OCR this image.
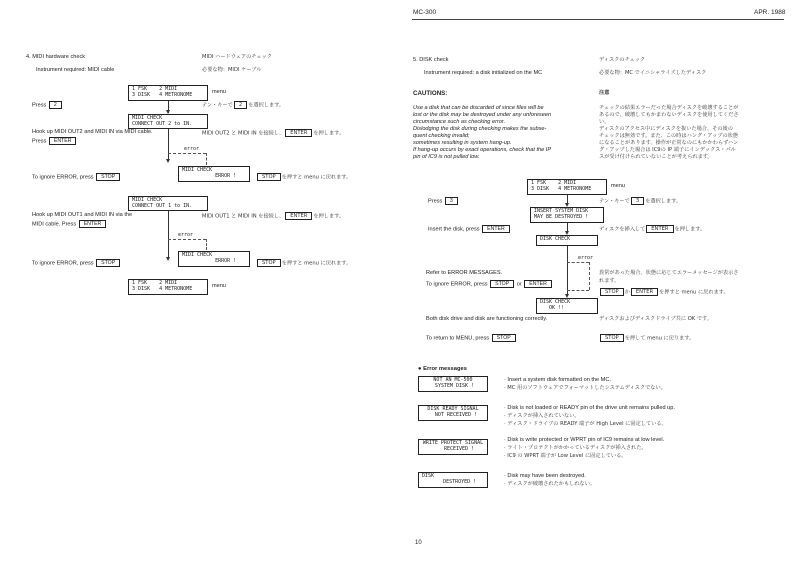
MC-300	APR. 1988
4. MIDI hardware check	MIDI ハードウェアのチェック
Instrument required: MIDI cable	必要な物：MIDI ケーブル
1 FSK    2 MIDI
3 DISK   4 METRONOME	menu
Press 2	テン・キーで 2 を選択します。
MIDI CHECK
CONNECT OUT 2 to IN.
Hook up MIDI OUT2 and MIDI IN via MIDI cable.
Press ENTER
MIDI OUT2 と MIDI IN を接続し、 ENTER を押します。
error
MIDI CHECK
ERROR !
To ignore ERROR, press STOP	STOP を押すと menu に戻れます。
MIDI CHECK
CONNECT OUT 1 to IN.
Hook up MIDI OUT1 and MIDI IN via the
MIDI cable. Press ENTER
MIDI OUT1 と MIDI IN を接続し、 ENTER を押します。
error
MIDI CHECK
ERROR !
To ignore ERROR, press STOP	STOP を押すと menu に戻れます。
1 FSK    2 MIDI
3 DISK   4 METRONOME	menu
5. DISK check	ディスクのチェック
Instrument required: a disk initialized on the MC	必要な物：MC でイニシャライズしたディスク
CAUTIONS:	注意
Use a disk that can be discarded of since files will be
lost or the disk may be destroyed under any unforeseen
circumstance such as checking error.
Dislodging the disk during checking makes the subse-
quent checking invalid;
sometimes resulting in system hang-up.
If hang-up occurs by exact operations, check that the IP
pin of IC9 is not pulled low.
チェックの結果エラーだった場合ディスクを破壊することが
あるので、破壊してもかまわないディスクを使用してくださ
い。
ディスクのアクセス中にディスクを抜いた場合、その後の
チェックは無効です。また、この時はハング・アップの状態
になることがあります。操作が正常なのにもかかわらずハン
グ・アップした場合は IC9の IP 端子にインデックス・パル
スが受け付けられていないことが考えられます。
1 FSK    2 MIDI
3 DISK   4 METRONOME	menu
Press 3	テン・キーで 3 を選択します。
INSERT SYSTEM DISK
MAY BE DESTROYED !
Insert the disk, press ENTER	ディスクを挿入して ENTER を押します。
DISK CHECK
error
Refer to ERROR MESSAGES.
To ignore ERROR, press STOP or ENTER
異常があった場合、状態に応じてエラーメッセージが表示さ
れます。
STOP か ENTER を押すと menu に戻れます。
DISK CHECK
OK !!
Both disk drive and disk are functioning correctly.	ディスクおよびディスクドライブ共に OK です。
To return to MENU, press STOP	STOP を押して menu に戻ります。
● Error messages
NOT AN MC-500
SYSTEM DISK !
· Insert a system disk formatted on the MC.
· MC 用のソフトウェアでフォーマットしたシステムディスクでない。
DISK READY SIGNAL
NOT RECEIVED !
· Disk is not loaded or READY pin of the drive unit remains pulled up.
· ディスクが挿入されていない。
· ディスク・ドライブの READY 端子が High Level に固定している。
WRITE PROTECT SIGNAL
RECEIVED !
· Disk is write protected or WPRT pin of IC9 remains at low level.
· ライト・プロテクトがかかっているディスクが挿入された。
· IC9 の WPRT 端子が Low Level に固定している。
DISK
DESTROYED !
· Disk may have been destroyed.
· ディスクが破壊されたかもしれない。
10
